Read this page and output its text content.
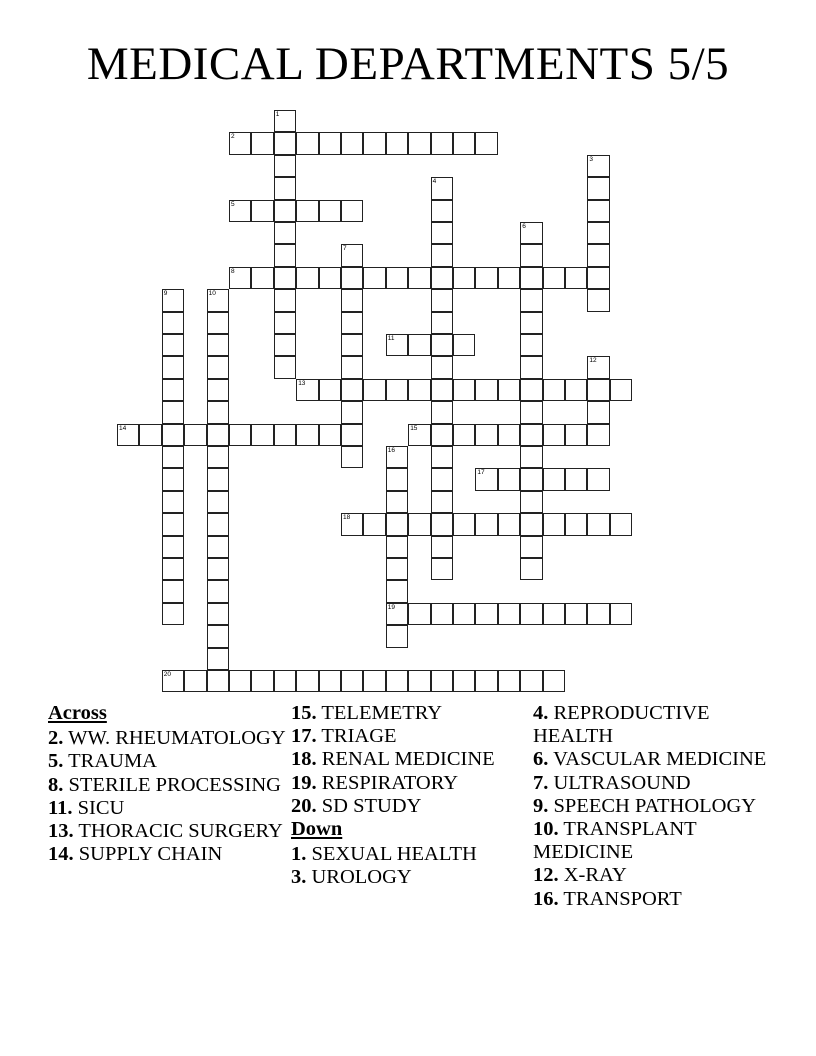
MEDICAL DEPARTMENTS 5/5
1
2
3
4
5
6
7
8
9	10
11
12
13
14	15
16
19
17
18
20
Across
2. WW. RHEUMATOLOGY
5. TRAUMA
8. STERILE PROCESSING
11. SICU
13. THORACIC SURGERY
14. SUPPLY CHAIN
15. TELEMETRY
17. TRIAGE
18. RENAL MEDICINE
19. RESPIRATORY
20. SD STUDY
Down
1. SEXUAL HEALTH
3. UROLOGY
4. REPRODUCTIVE HEALTH
6. VASCULAR MEDICINE
7. ULTRASOUND
9. SPEECH PATHOLOGY
10. TRANSPLANT MEDICINE
12. X-RAY
16. TRANSPORT
